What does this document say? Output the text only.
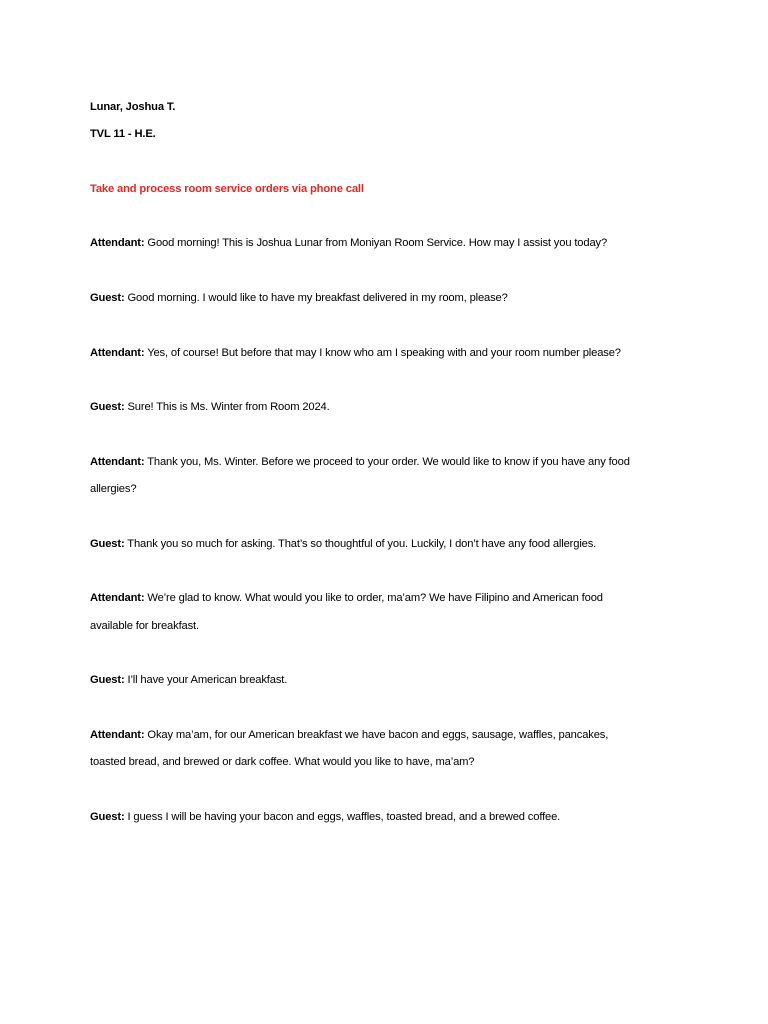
Lunar, Joshua T.

TVL 11 - H.E.

Take and process room service orders via phone call

Attendant: Good morning! This is Joshua Lunar from Moniyan Room Service. How may I assist you today?

Guest: Good morning. I would like to have my breakfast delivered in my room, please?

Attendant: Yes, of course! But before that may I know who am I speaking with and your room number please?

Guest: Sure! This is Ms. Winter from Room 2024.

Attendant: Thank you, Ms. Winter. Before we proceed to your order. We would like to know if you have any food allergies?

Guest: Thank you so much for asking. That’s so thoughtful of you. Luckily, I don’t have any food allergies.

Attendant: We’re glad to know. What would you like to order, ma’am? We have Filipino and American food available for breakfast.

Guest: I’ll have your American breakfast.

Attendant: Okay ma’am, for our American breakfast we have bacon and eggs, sausage, waffles, pancakes, toasted bread, and brewed or dark coffee. What would you like to have, ma’am?

Guest: I guess I will be having your bacon and eggs, waffles, toasted bread, and a brewed coffee.
